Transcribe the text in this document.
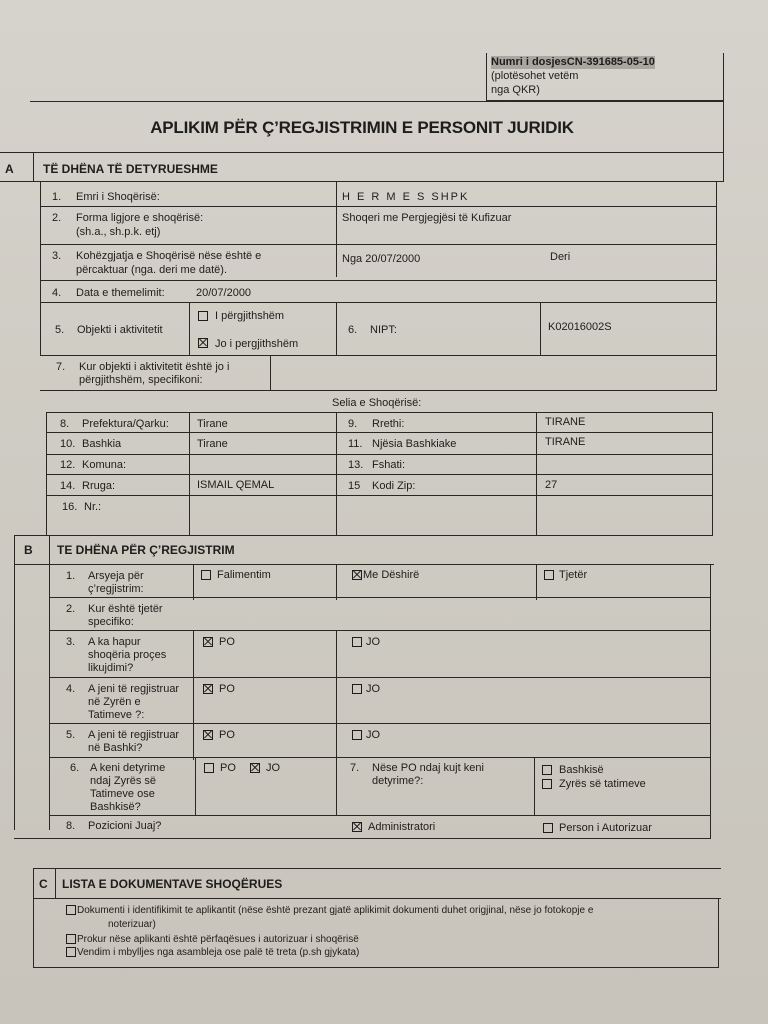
Numri i dosjesCN-391685-05-10
(plotësohet vetëm
nga QKR)
APLIKIM PËR Ç’REGJISTRIMIN E PERSONIT JURIDIK
A TË DHËNA TË DETYRUESHME
1. Emri i Shoqërisë:	H E R M E S SHPK
2. Forma ligjore e shoqërisë:
(sh.a., sh.p.k. etj)
Shoqeri me Pergjegjësi të Kufizuar
3. Kohëzgjatja e Shoqërisë nëse është e
përcaktuar (nga. deri me datë).
Nga 20/07/2000	Deri
4. Data e themelimit:	20/07/2000
5. Objekti i aktivitetit
I përgjithshëm
Jo i pergjithshëm
6. NIPT:	K02016002S
7. Kur objekti i aktivitetit është jo i
përgjithshëm, specifikoni:
Selia e Shoqërisë:
8. Prefektura/Qarku:	Tirane	9. Rrethi:	TIRANE
10. Bashkia	Tirane	11. Njësia Bashkiake	TIRANE
12. Komuna:	13. Fshati:
14. Rruga:	ISMAIL QEMAL	15 Kodi Zip:	27
16. Nr.:
B TE DHËNA PËR Ç’REGJISTRIM
1. Arsyeja për
ç’regjistrim:
Falimentim	Me Dëshirë	Tjetër
2. Kur është tjetër
specifiko:
3. A ka hapur
shoqëria proçes
likujdimi?
PO	JO
4. A jeni të regjistruar
në Zyrën e
Tatimeve ?:
PO	JO
5. A jeni të regjistruar
në Bashki?
PO	JO
6. A keni detyrime
ndaj Zyrës së
Tatimeve ose
Bashkisë?
PO	JO	7. Nëse PO ndaj kujt keni
detyrime?:
Bashkisë
Zyrës së tatimeve
8. Pozicioni Juaj?	Administratori	Person i Autorizuar
C LISTA E DOKUMENTAVE SHOQËRUES
Dokumenti i identifikimit te aplikantit (nëse është prezant gjatë aplikimit dokumenti duhet origjinal, nëse jo fotokopje e
noterizuar)
Prokur nëse aplikanti është përfaqësues i autorizuar i shoqërisë
Vendim i mbylljes nga asambleja ose palë të treta (p.sh gjykata)
